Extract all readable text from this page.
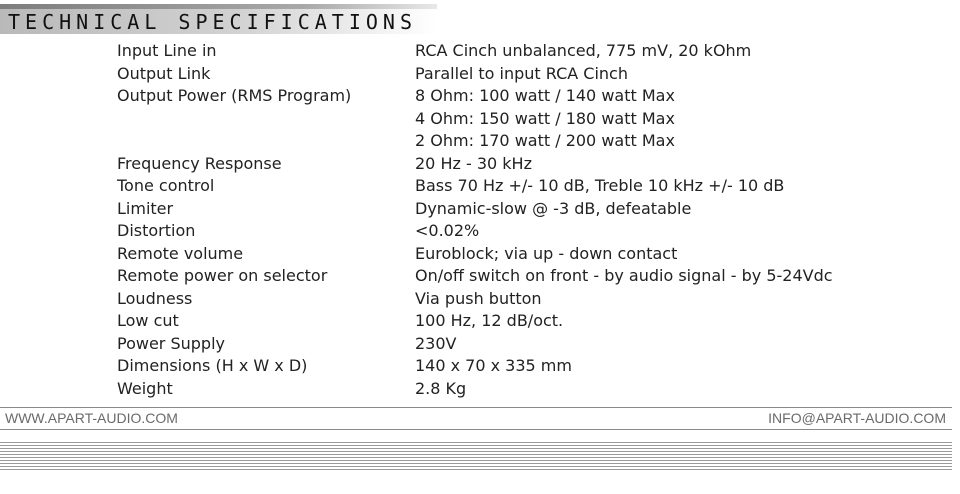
TECHNICAL SPECIFICATIONS
Input Line in	RCA Cinch unbalanced, 775 mV, 20 kOhm
Output Link	Parallel to input RCA Cinch
Output Power (RMS Program)	8 Ohm: 100 watt / 140 watt Max
4 Ohm: 150 watt / 180 watt Max
2 Ohm: 170 watt / 200 watt Max
Frequency Response	20 Hz - 30 kHz
Tone control	Bass 70 Hz +/- 10 dB, Treble 10 kHz +/- 10 dB
Limiter	Dynamic-slow @ -3 dB, defeatable
Distortion	<0.02%
Remote volume	Euroblock; via up - down contact
Remote power on selector	On/off switch on front - by audio signal - by 5-24Vdc
Loudness	Via push button
Low cut	100 Hz, 12 dB/oct.
Power Supply	230V
Dimensions (H x W x D)	140 x 70 x 335 mm
Weight	2.8 Kg
WWW.APART-AUDIO.COM	INFO@APART-AUDIO.COM
